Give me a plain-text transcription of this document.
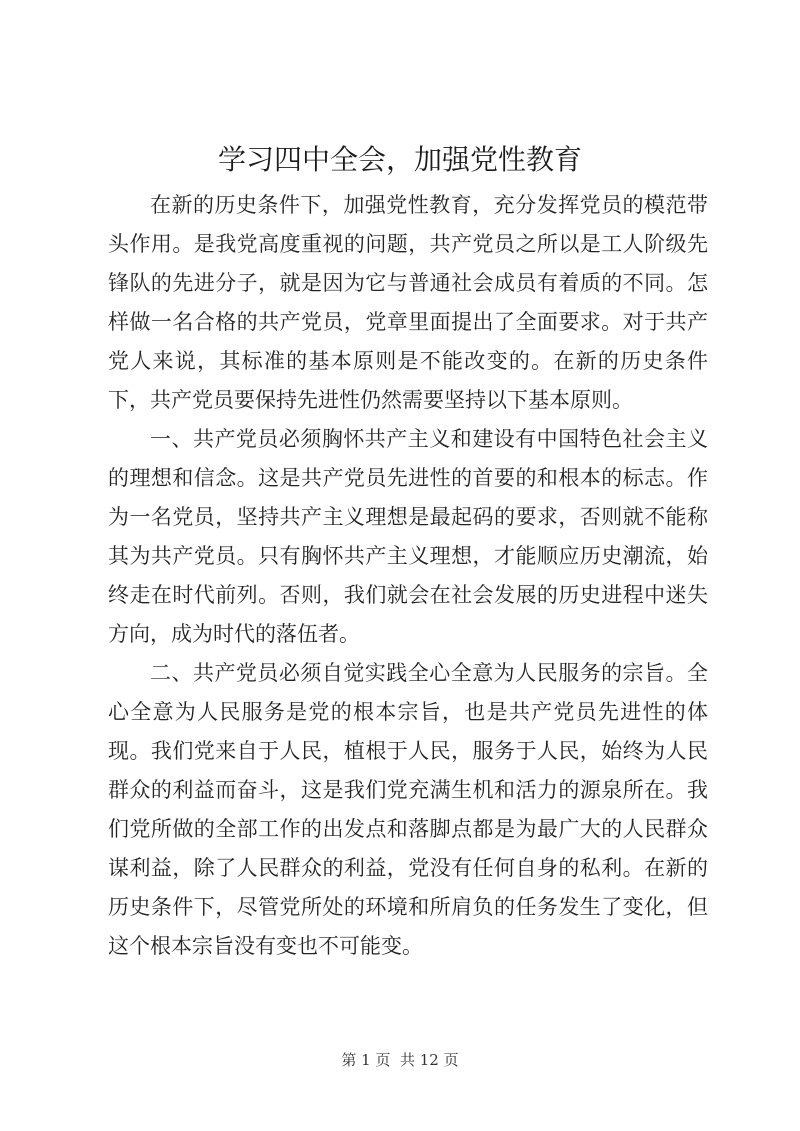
学习四中全会，加强党性教育

在新的历史条件下，加强党性教育，充分发挥党员的模范带头作用。是我党高度重视的问题，共产党员之所以是工人阶级先锋队的先进分子，就是因为它与普通社会成员有着质的不同。怎样做一名合格的共产党员，党章里面提出了全面要求。对于共产党人来说，其标准的基本原则是不能改变的。在新的历史条件下，共产党员要保持先进性仍然需要坚持以下基本原则。

一、共产党员必须胸怀共产主义和建设有中国特色社会主义的理想和信念。这是共产党员先进性的首要的和根本的标志。作为一名党员，坚持共产主义理想是最起码的要求，否则就不能称其为共产党员。只有胸怀共产主义理想，才能顺应历史潮流，始终走在时代前列。否则，我们就会在社会发展的历史进程中迷失方向，成为时代的落伍者。

二、共产党员必须自觉实践全心全意为人民服务的宗旨。全心全意为人民服务是党的根本宗旨，也是共产党员先进性的体现。我们党来自于人民，植根于人民，服务于人民，始终为人民群众的利益而奋斗，这是我们党充满生机和活力的源泉所在。我们党所做的全部工作的出发点和落脚点都是为最广大的人民群众谋利益，除了人民群众的利益，党没有任何自身的私利。在新的历史条件下，尽管党所处的环境和所肩负的任务发生了变化，但这个根本宗旨没有变也不可能变。

第 1 页  共 12 页
